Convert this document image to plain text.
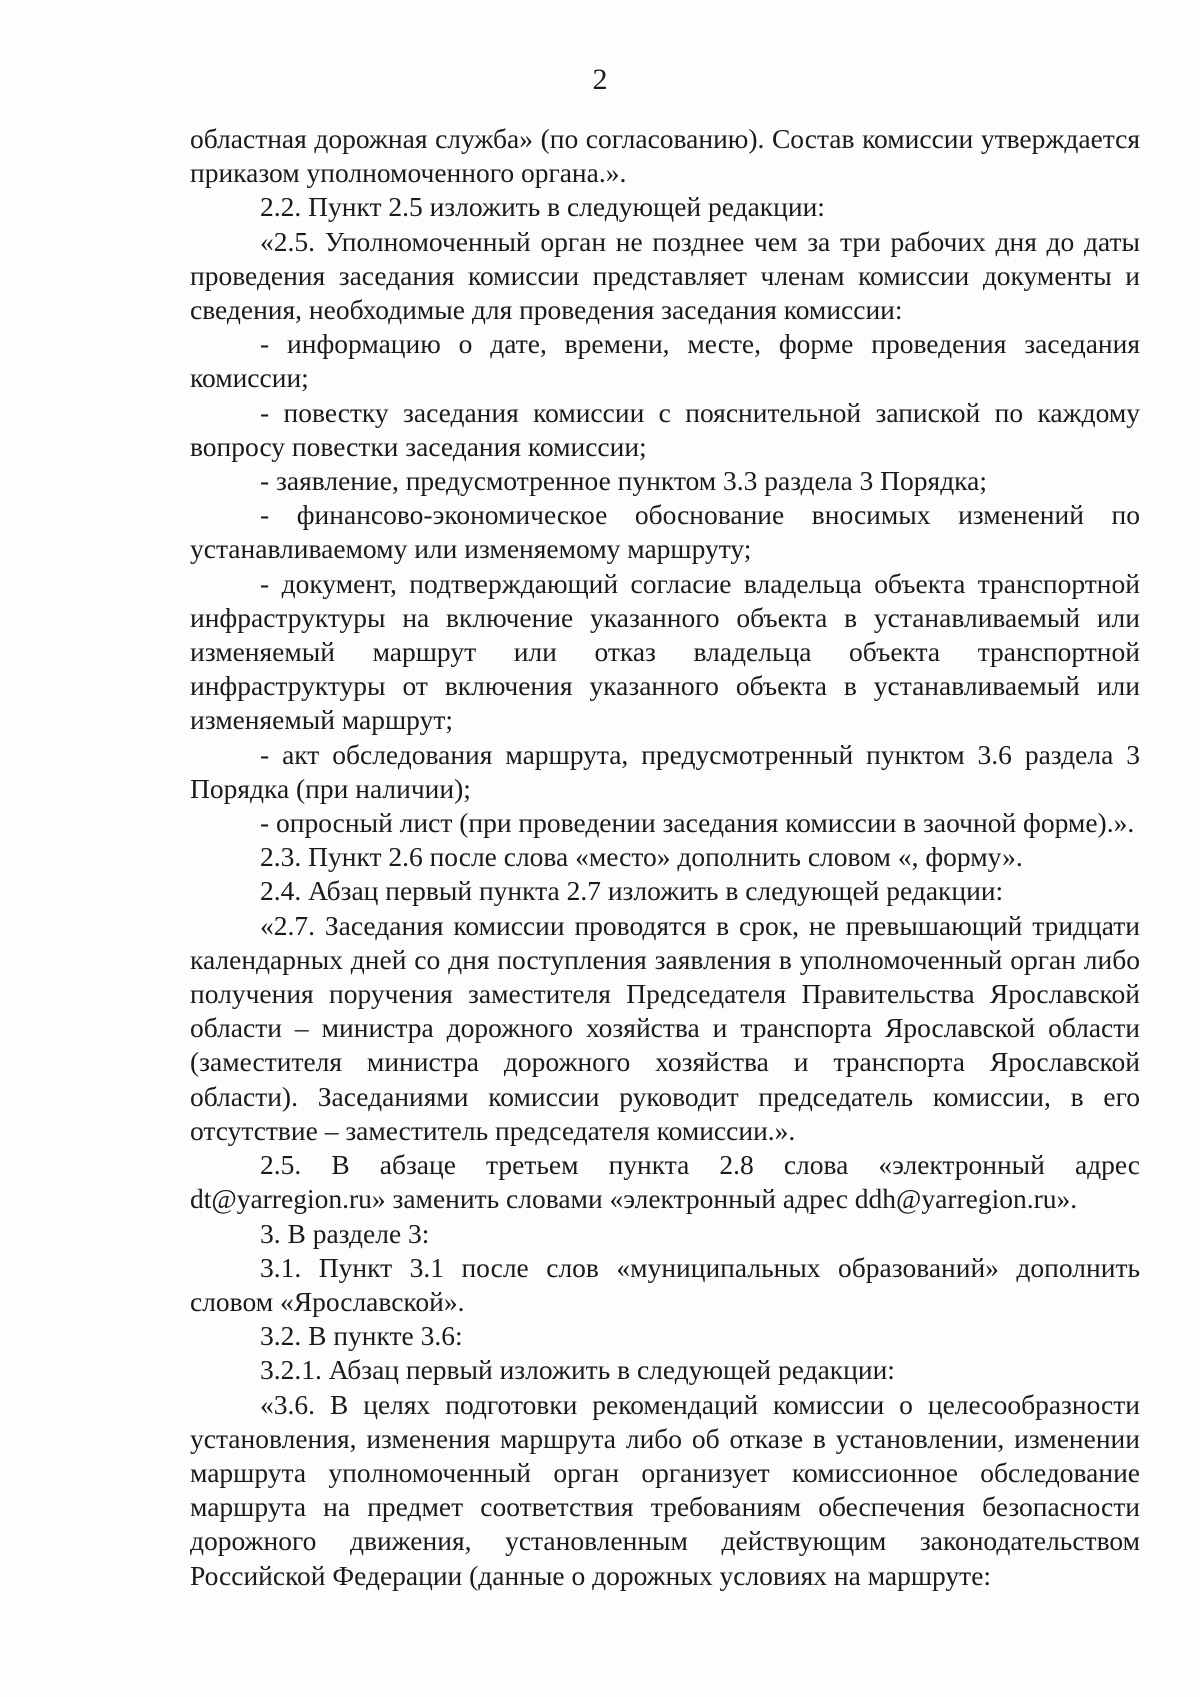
2

областная дорожная служба» (по согласованию). Состав комиссии утверждается приказом уполномоченного органа.».

2.2. Пункт 2.5 изложить в следующей редакции:

«2.5. Уполномоченный орган не позднее чем за три рабочих дня до даты проведения заседания комиссии представляет членам комиссии документы и сведения, необходимые для проведения заседания комиссии:

- информацию о дате, времени, месте, форме проведения заседания комиссии;

- повестку заседания комиссии с пояснительной запиской по каждому вопросу повестки заседания комиссии;

- заявление, предусмотренное пунктом 3.3 раздела 3 Порядка;

- финансово-экономическое обоснование вносимых изменений по устанавливаемому или изменяемому маршруту;

- документ, подтверждающий согласие владельца объекта транспортной инфраструктуры на включение указанного объекта в устанавливаемый или изменяемый маршрут или отказ владельца объекта транспортной инфраструктуры от включения указанного объекта в устанавливаемый или изменяемый маршрут;

- акт обследования маршрута, предусмотренный пунктом 3.6 раздела 3 Порядка (при наличии);

- опросный лист (при проведении заседания комиссии в заочной форме).».

2.3. Пункт 2.6 после слова «место» дополнить словом «, форму».

2.4. Абзац первый пункта 2.7 изложить в следующей редакции:

«2.7. Заседания комиссии проводятся в срок, не превышающий тридцати календарных дней со дня поступления заявления в уполномоченный орган либо получения поручения заместителя Председателя Правительства Ярославской области – министра дорожного хозяйства и транспорта Ярославской области (заместителя министра дорожного хозяйства и транспорта Ярославской области). Заседаниями комиссии руководит председатель комиссии, в его отсутствие – заместитель председателя комиссии.».

2.5. В абзаце третьем пункта 2.8 слова «электронный адрес dt@yarregion.ru» заменить словами «электронный адрес ddh@yarregion.ru».

3. В разделе 3:

3.1. Пункт 3.1 после слов «муниципальных образований» дополнить словом «Ярославской».

3.2. В пункте 3.6:

3.2.1. Абзац первый изложить в следующей редакции:

«3.6. В целях подготовки рекомендаций комиссии о целесообразности установления, изменения маршрута либо об отказе в установлении, изменении маршрута уполномоченный орган организует комиссионное обследование маршрута на предмет соответствия требованиям обеспечения безопасности дорожного движения, установленным действующим законодательством Российской Федерации (данные о дорожных условиях на маршруте:
